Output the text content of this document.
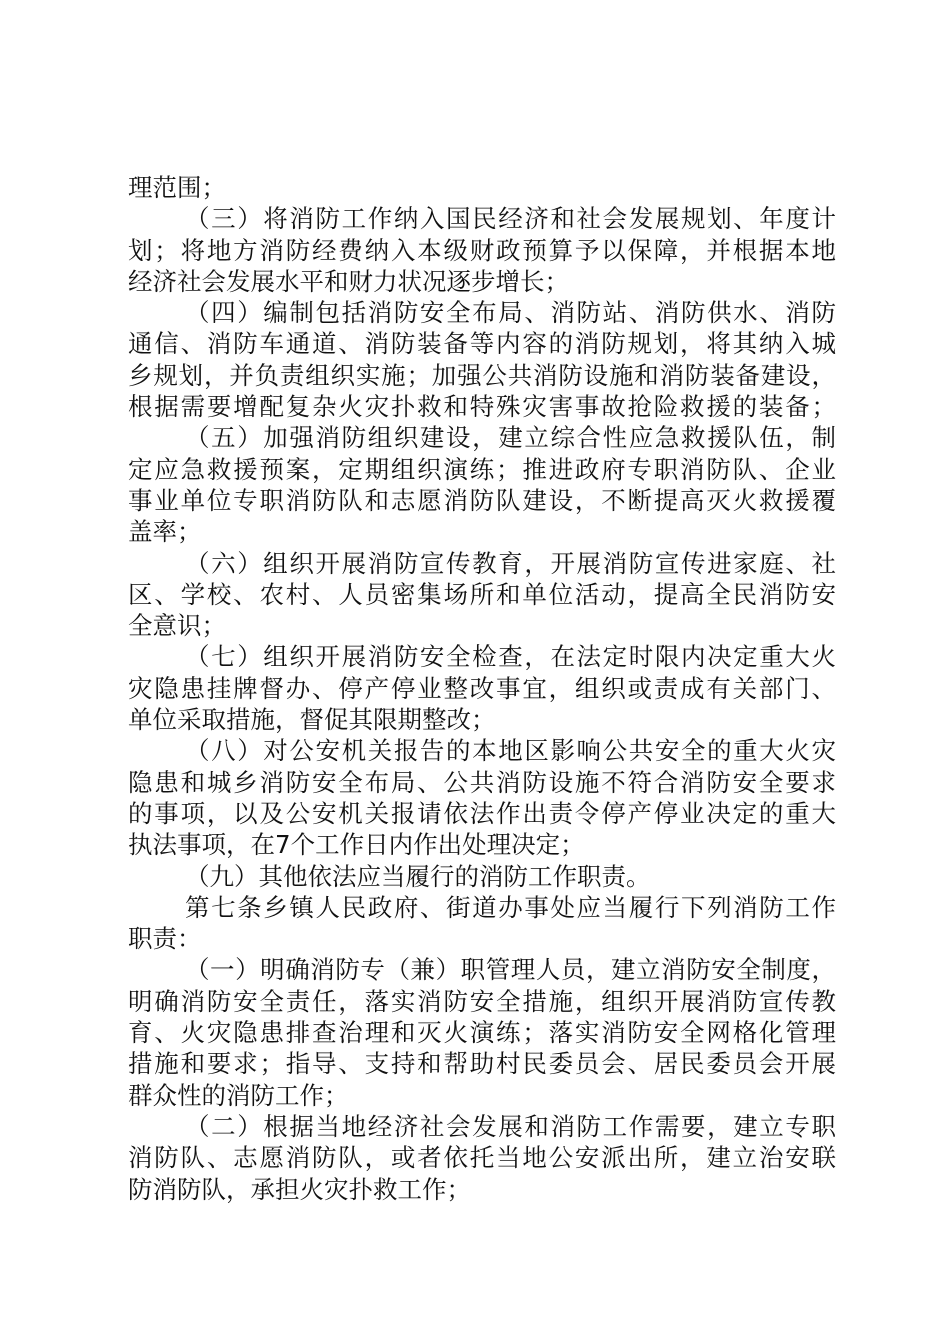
理范围；
（三）将消防工作纳入国民经济和社会发展规划、年度计
划；将地方消防经费纳入本级财政预算予以保障，并根据本地
经济社会发展水平和财力状况逐步增长；
（四）编制包括消防安全布局、消防站、消防供水、消防
通信、消防车通道、消防装备等内容的消防规划，将其纳入城
乡规划，并负责组织实施；加强公共消防设施和消防装备建设，
根据需要增配复杂火灾扑救和特殊灾害事故抢险救援的装备；
（五）加强消防组织建设，建立综合性应急救援队伍，制
定应急救援预案，定期组织演练；推进政府专职消防队、企业
事业单位专职消防队和志愿消防队建设，不断提高灭火救援覆
盖率；
（六）组织开展消防宣传教育，开展消防宣传进家庭、社
区、学校、农村、人员密集场所和单位活动，提高全民消防安
全意识；
（七）组织开展消防安全检查，在法定时限内决定重大火
灾隐患挂牌督办、停产停业整改事宜，组织或责成有关部门、
单位采取措施，督促其限期整改；
（八）对公安机关报告的本地区影响公共安全的重大火灾
隐患和城乡消防安全布局、公共消防设施不符合消防安全要求
的事项，以及公安机关报请依法作出责令停产停业决定的重大
执法事项，在7个工作日内作出处理决定；
（九）其他依法应当履行的消防工作职责。
第七条乡镇人民政府、街道办事处应当履行下列消防工作
职责：
（一）明确消防专（兼）职管理人员，建立消防安全制度，
明确消防安全责任，落实消防安全措施，组织开展消防宣传教
育、火灾隐患排查治理和灭火演练；落实消防安全网格化管理
措施和要求；指导、支持和帮助村民委员会、居民委员会开展
群众性的消防工作；
（二）根据当地经济社会发展和消防工作需要，建立专职
消防队、志愿消防队，或者依托当地公安派出所，建立治安联
防消防队，承担火灾扑救工作；
